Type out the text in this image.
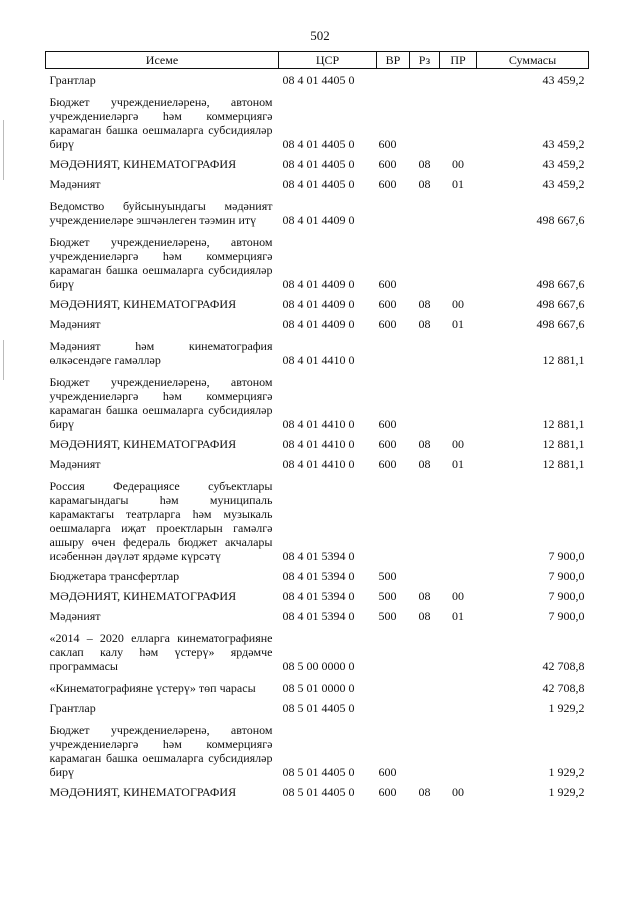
502
Исеме	ЦСР	ВР	Рз	ПР	Суммасы
Грантлар	08 4 01 4405 0				43 459,2
Бюджет учреждениеләренә, автоном учреждениеләргә һәм коммерциягә карамаган башка оешмаларга субсидияләр бирү	08 4 01 4405 0	600			43 459,2
МӘДӘНИЯТ, КИНЕМАТОГРАФИЯ	08 4 01 4405 0	600	08	00	43 459,2
Мәдәният	08 4 01 4405 0	600	08	01	43 459,2
Ведомство буйсынуындагы мәдәният учреждениеләре эшчәнлеген тәэмин итү	08 4 01 4409 0				498 667,6
Бюджет учреждениеләренә, автоном учреждениеләргә һәм коммерциягә карамаган башка оешмаларга субсидияләр бирү	08 4 01 4409 0	600			498 667,6
МӘДӘНИЯТ, КИНЕМАТОГРАФИЯ	08 4 01 4409 0	600	08	00	498 667,6
Мәдәният	08 4 01 4409 0	600	08	01	498 667,6
Мәдәният һәм кинематография өлкәсендәге гамәлләр	08 4 01 4410 0				12 881,1
Бюджет учреждениеләренә, автоном учреждениеләргә һәм коммерциягә карамаган башка оешмаларга субсидияләр бирү	08 4 01 4410 0	600			12 881,1
МӘДӘНИЯТ, КИНЕМАТОГРАФИЯ	08 4 01 4410 0	600	08	00	12 881,1
Мәдәният	08 4 01 4410 0	600	08	01	12 881,1
Россия Федерациясе субъектлары карамагындагы һәм муниципаль карамактагы театрларга һәм музыкаль оешмаларга иҗат проектларын гамәлгә ашыру өчен федераль бюджет акчалары исәбеннән дәүләт ярдәме күрсәтү	08 4 01 5394 0				7 900,0
Бюджетара трансфертлар	08 4 01 5394 0	500			7 900,0
МӘДӘНИЯТ, КИНЕМАТОГРАФИЯ	08 4 01 5394 0	500	08	00	7 900,0
Мәдәният	08 4 01 5394 0	500	08	01	7 900,0
«2014 – 2020 елларга кинематографияне саклап калу һәм үстерү» ярдәмче программасы	08 5 00 0000 0				42 708,8
«Кинематографияне үстерү» төп чарасы	08 5 01 0000 0				42 708,8
Грантлар	08 5 01 4405 0				1 929,2
Бюджет учреждениеләренә, автоном учреждениеләргә һәм коммерциягә карамаган башка оешмаларга субсидияләр бирү	08 5 01 4405 0	600			1 929,2
МӘДӘНИЯТ, КИНЕМАТОГРАФИЯ	08 5 01 4405 0	600	08	00	1 929,2
